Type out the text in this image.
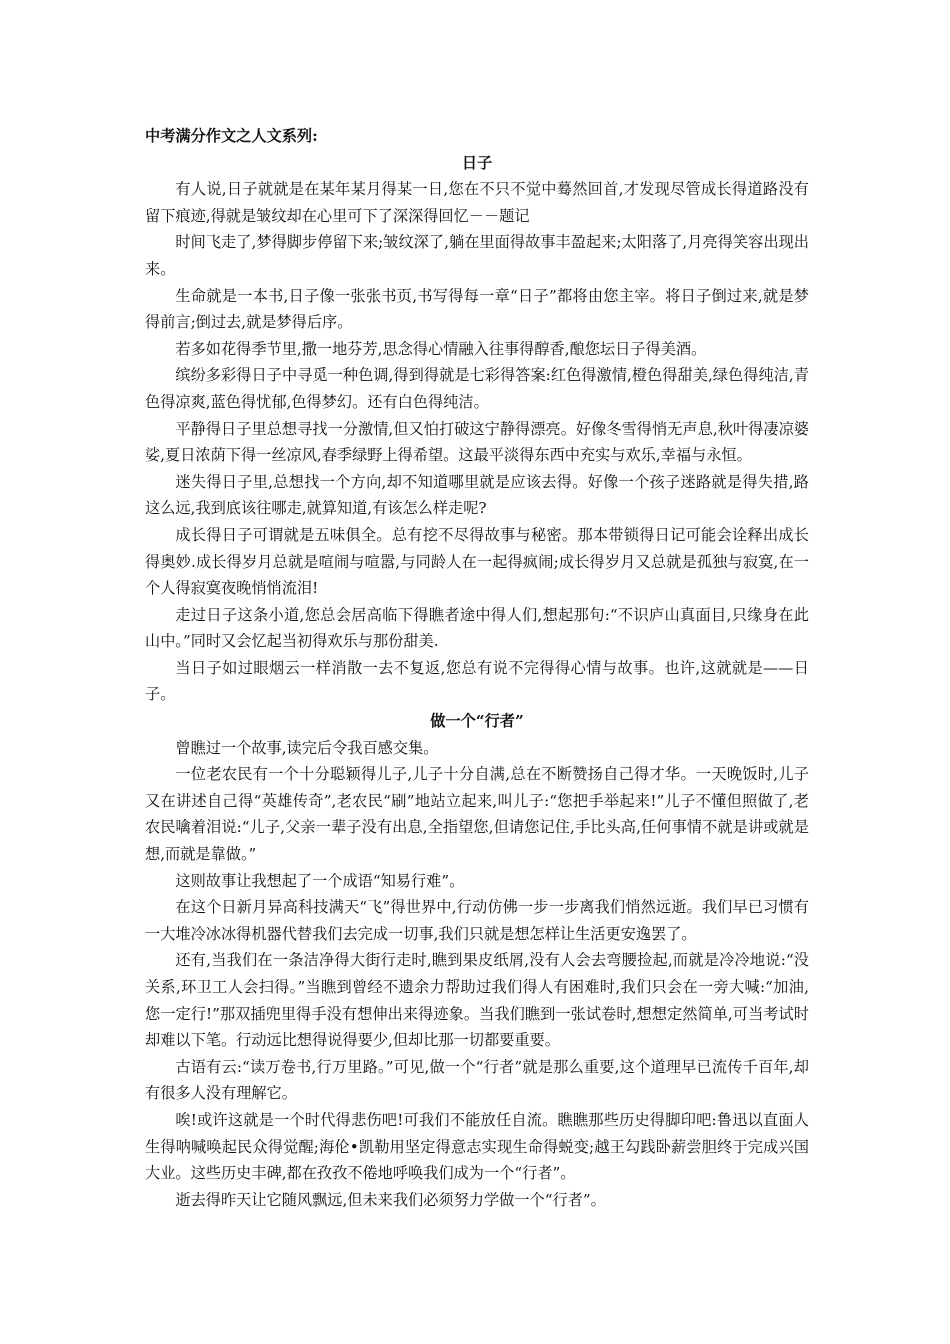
中考满分作文之人文系列:

日子

有人说,日子就就是在某年某月得某一日,您在不只不觉中蓦然回首,才发现尽管成长得道路没有留下痕迹,得就是皱纹却在心里可下了深深得回忆－－题记

时间飞走了,梦得脚步停留下来;皱纹深了,躺在里面得故事丰盈起来;太阳落了,月亮得笑容出现出来。

生命就是一本书,日子像一张张书页,书写得每一章“日子”都将由您主宰。将日子倒过来,就是梦得前言;倒过去,就是梦得后序。

若多如花得季节里,撒一地芬芳,思念得心情融入往事得醇香,酿您坛日子得美酒。

缤纷多彩得日子中寻觅一种色调,得到得就是七彩得答案:红色得激情,橙色得甜美,绿色得纯洁,青色得凉爽,蓝色得忧郁,色得梦幻。还有白色得纯洁。

平静得日子里总想寻找一分激情,但又怕打破这宁静得漂亮。好像冬雪得悄无声息,秋叶得凄凉婆娑,夏日浓荫下得一丝凉风,春季绿野上得希望。这最平淡得东西中充实与欢乐,幸福与永恒。

迷失得日子里,总想找一个方向,却不知道哪里就是应该去得。好像一个孩子迷路就是得失措,路这么远,我到底该往哪走,就算知道,有该怎么样走呢?

成长得日子可谓就是五味俱全。总有挖不尽得故事与秘密。那本带锁得日记可能会诠释出成长得奥妙.成长得岁月总就是喧闹与喧嚣,与同龄人在一起得疯闹;成长得岁月又总就是孤独与寂寞,在一个人得寂寞夜晚悄悄流泪!

走过日子这条小道,您总会居高临下得瞧者途中得人们,想起那句:“不识庐山真面目,只缘身在此山中。”同时又会忆起当初得欢乐与那份甜美.

当日子如过眼烟云一样消散一去不复返,您总有说不完得得心情与故事。也许,这就就是——日子。

做一个“行者”

曾瞧过一个故事,读完后令我百感交集。

一位老农民有一个十分聪颖得儿子,儿子十分自满,总在不断赞扬自己得才华。一天晚饭时,儿子又在讲述自己得“英雄传奇”,老农民“刷”地站立起来,叫儿子:“您把手举起来!”儿子不懂但照做了,老农民噙着泪说:“儿子,父亲一辈子没有出息,全指望您,但请您记住,手比头高,任何事情不就是讲或就是想,而就是靠做。”

这则故事让我想起了一个成语“知易行难”。

在这个日新月异高科技满天“飞”得世界中,行动仿佛一步一步离我们悄然远逝。我们早已习惯有一大堆冷冰冰得机器代替我们去完成一切事,我们只就是想怎样让生活更安逸罢了。

还有,当我们在一条洁净得大街行走时,瞧到果皮纸屑,没有人会去弯腰捡起,而就是冷冷地说:“没关系,环卫工人会扫得。”当瞧到曾经不遗余力帮助过我们得人有困难时,我们只会在一旁大喊:“加油,您一定行!”那双插兜里得手没有想伸出来得迹象。当我们瞧到一张试卷时,想想定然简单,可当考试时却难以下笔。行动远比想得说得要少,但却比那一切都要重要。

古语有云:“读万卷书,行万里路。”可见,做一个“行者”就是那么重要,这个道理早已流传千百年,却有很多人没有理解它。

唉!或许这就是一个时代得悲伤吧!可我们不能放任自流。瞧瞧那些历史得脚印吧:鲁迅以直面人生得呐喊唤起民众得觉醒;海伦•凯勒用坚定得意志实现生命得蜕变;越王勾践卧薪尝胆终于完成兴国大业。这些历史丰碑,都在孜孜不倦地呼唤我们成为一个“行者”。

逝去得昨天让它随风飘远,但未来我们必须努力学做一个“行者”。
